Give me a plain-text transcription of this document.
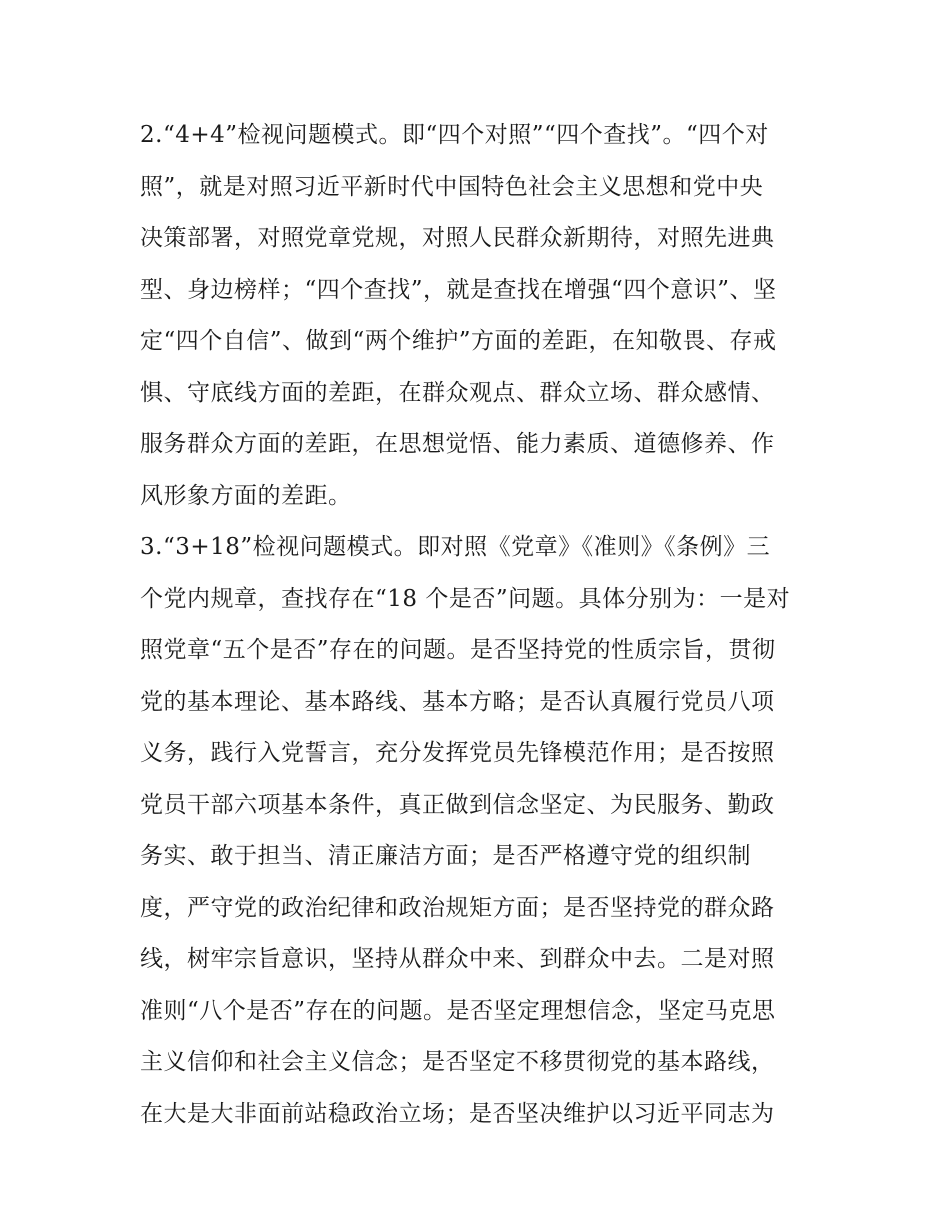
2.“4+4”检视问题模式。即“四个对照”“四个查找”。“四个对
照”，就是对照习近平新时代中国特色社会主义思想和党中央
决策部署，对照党章党规，对照人民群众新期待，对照先进典
型、身边榜样；“四个查找”，就是查找在增强“四个意识”、坚
定“四个自信”、做到“两个维护”方面的差距，在知敬畏、存戒
惧、守底线方面的差距，在群众观点、群众立场、群众感情、
服务群众方面的差距，在思想觉悟、能力素质、道德修养、作
风形象方面的差距。
3.“3+18”检视问题模式。即对照《党章》《准则》《条例》三
个党内规章，查找存在“18 个是否”问题。具体分别为：一是对
照党章“五个是否”存在的问题。是否坚持党的性质宗旨，贯彻
党的基本理论、基本路线、基本方略；是否认真履行党员八项
义务，践行入党誓言，充分发挥党员先锋模范作用；是否按照
党员干部六项基本条件，真正做到信念坚定、为民服务、勤政
务实、敢于担当、清正廉洁方面；是否严格遵守党的组织制
度，严守党的政治纪律和政治规矩方面；是否坚持党的群众路
线，树牢宗旨意识，坚持从群众中来、到群众中去。二是对照
准则“八个是否”存在的问题。是否坚定理想信念，坚定马克思
主义信仰和社会主义信念；是否坚定不移贯彻党的基本路线，
在大是大非面前站稳政治立场；是否坚决维护以习近平同志为
